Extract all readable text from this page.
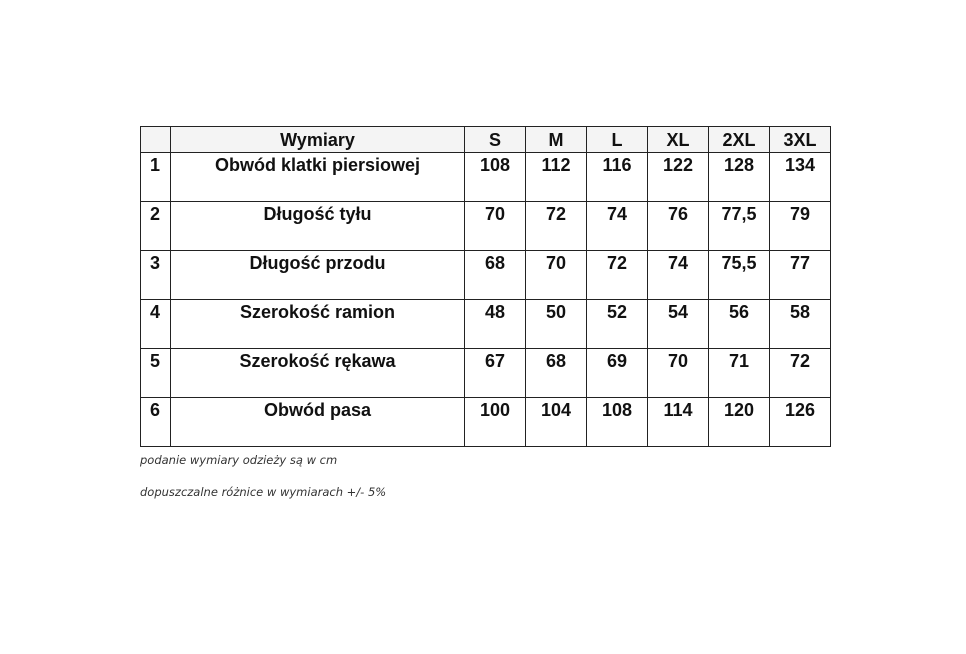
	Wymiary	S	M	L	XL	2XL	3XL
1	Obwód klatki piersiowej	108	112	116	122	128	134
2	Długość tyłu	70	72	74	76	77,5	79
3	Długość przodu	68	70	72	74	75,5	77
4	Szerokość ramion	48	50	52	54	56	58
5	Szerokość rękawa	67	68	69	70	71	72
6	Obwód pasa	100	104	108	114	120	126

podanie wymiary odzieży są w cm

dopuszczalne różnice w wymiarach +/- 5%
